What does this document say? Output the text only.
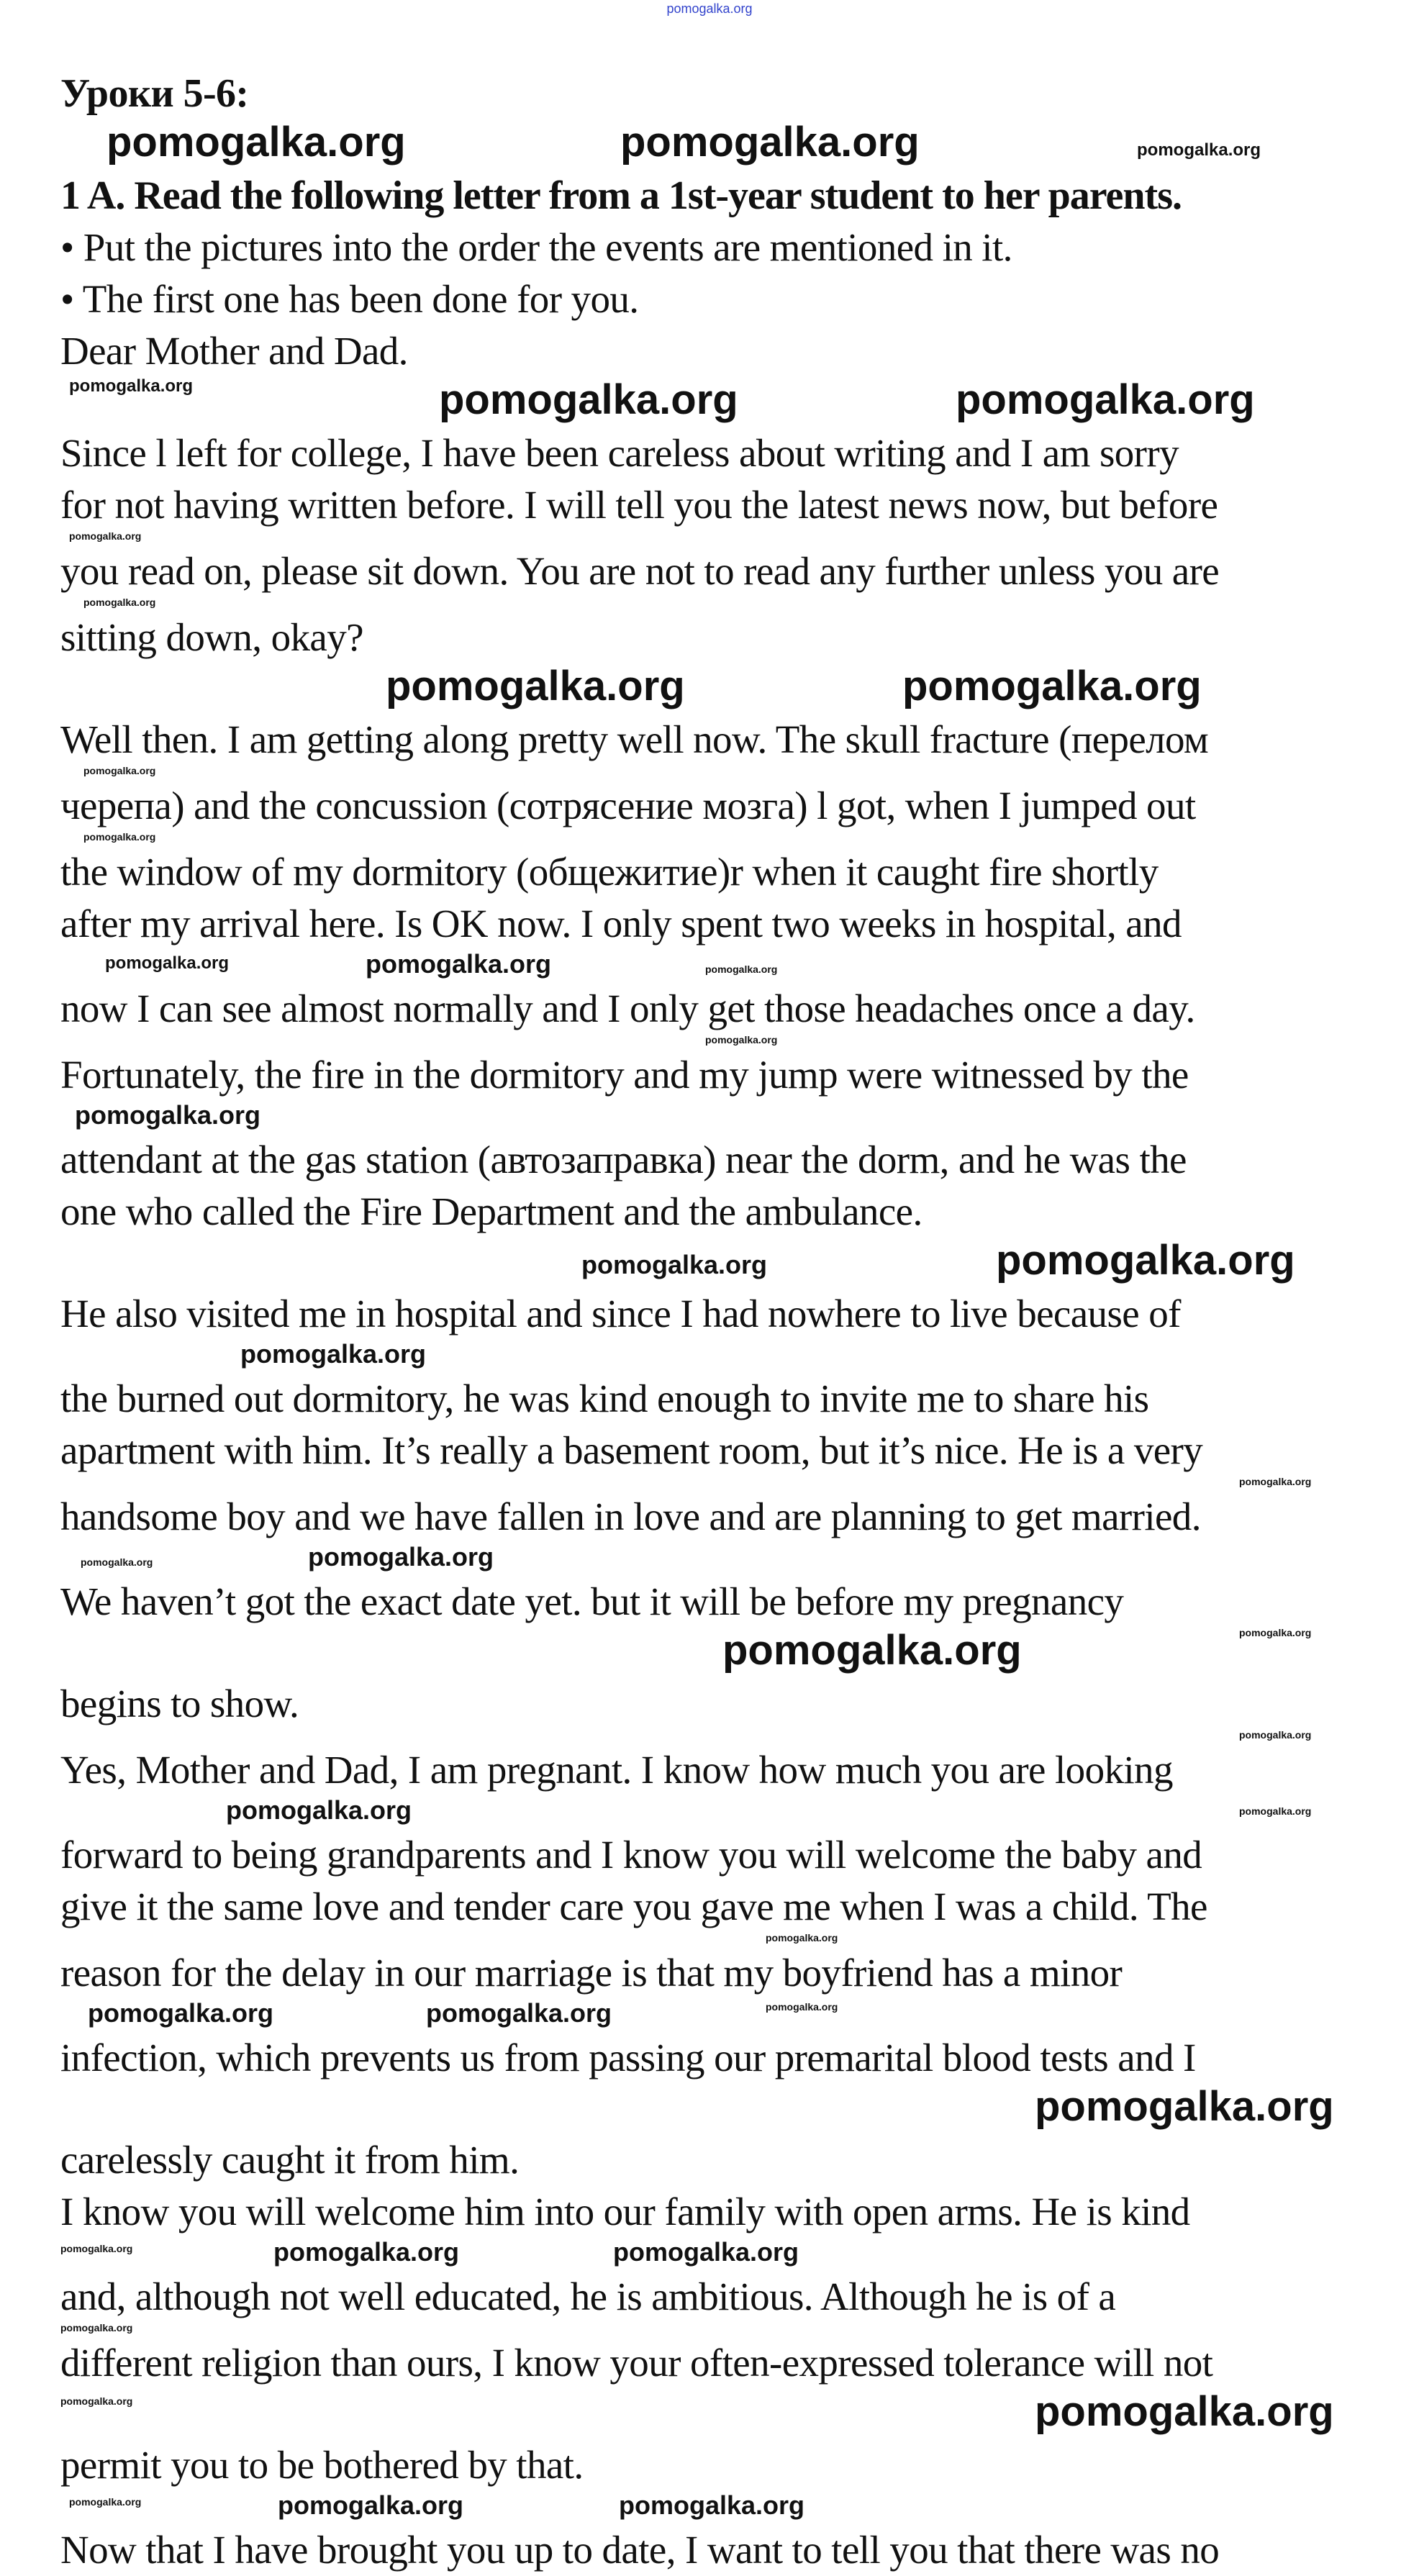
pomogalka.org
Уроки 5-6:
pomogalka.org	pomogalka.org	pomogalka.org
1 A. Read the following letter from a 1st-year student to her parents.
• Put the pictures into the order the events are mentioned in it.
• The first one has been done for you.
Dear Mother and Dad.
pomogalka.org	pomogalka.org	pomogalka.org
Since l left for college, I have been careless about writing and I am sorry
for not having written before. I will tell you the latest news now, but before
pomogalka.org
you read on, please sit down. You are not to read any further unless you are
pomogalka.org
sitting down, okay?
pomogalka.org	pomogalka.org
Well then. I am getting along pretty well now. The skull fracture (перелом
pomogalka.org
черепа) and the concussion (сотрясение мозга) l got, when I jumped out
pomogalka.org
the window of my dormitory (общежитие)r when it caught fire shortly
after my arrival here. Is OK now. I only spent two weeks in hospital, and
pomogalka.org	pomogalka.org	pomogalka.org
now I can see almost normally and I only get those headaches once a day.
pomogalka.org
Fortunately, the fire in the dormitory and my jump were witnessed by the
pomogalka.org
attendant at the gas station (автозаправка) near the dorm, and he was the
one who called the Fire Department and the ambulance.
pomogalka.org	pomogalka.org
He also visited me in hospital and since I had nowhere to live because of
pomogalka.org
the burned out dormitory, he was kind enough to invite me to share his
apartment with him. It’s really a basement room, but it’s nice. He is a very
pomogalka.org
handsome boy and we have fallen in love and are planning to get married.
pomogalka.org	pomogalka.org
We haven’t got the exact date yet. but it will be before my pregnancy
pomogalka.org	pomogalka.org
begins to show.
pomogalka.org
Yes, Mother and Dad, I am pregnant. I know how much you are looking
pomogalka.org	pomogalka.org
forward to being grandparents and I know you will welcome the baby and
give it the same love and tender care you gave me when I was a child. The
pomogalka.org
reason for the delay in our marriage is that my boyfriend has a minor
pomogalka.org	pomogalka.org	pomogalka.org
infection, which prevents us from passing our premarital blood tests and I
pomogalka.org
carelessly caught it from him.
I know you will welcome him into our family with open arms. He is kind
pomogalka.org	pomogalka.org	pomogalka.org
and, although not well educated, he is ambitious. Although he is of a
pomogalka.org
different religion than ours, I know your often-expressed tolerance will not
pomogalka.org	pomogalka.org
permit you to be bothered by that.
pomogalka.org	pomogalka.org	pomogalka.org
Now that I have brought you up to date, I want to tell you that there was no
